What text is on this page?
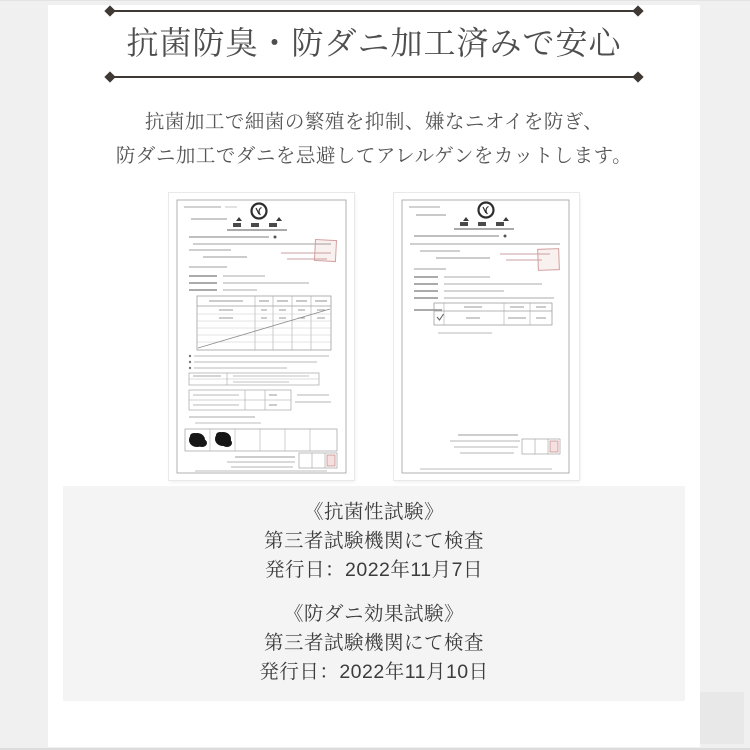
抗菌防臭・防ダニ加工済みで安心

抗菌加工で細菌の繁殖を抑制、嫌なニオイを防ぎ、
防ダニ加工でダニを忌避してアレルゲンをカットします。

《抗菌性試験》
第三者試験機関にて検査
発行日：2022年11月7日
《防ダニ効果試験》
第三者試験機関にて検査
発行日：2022年11月10日
